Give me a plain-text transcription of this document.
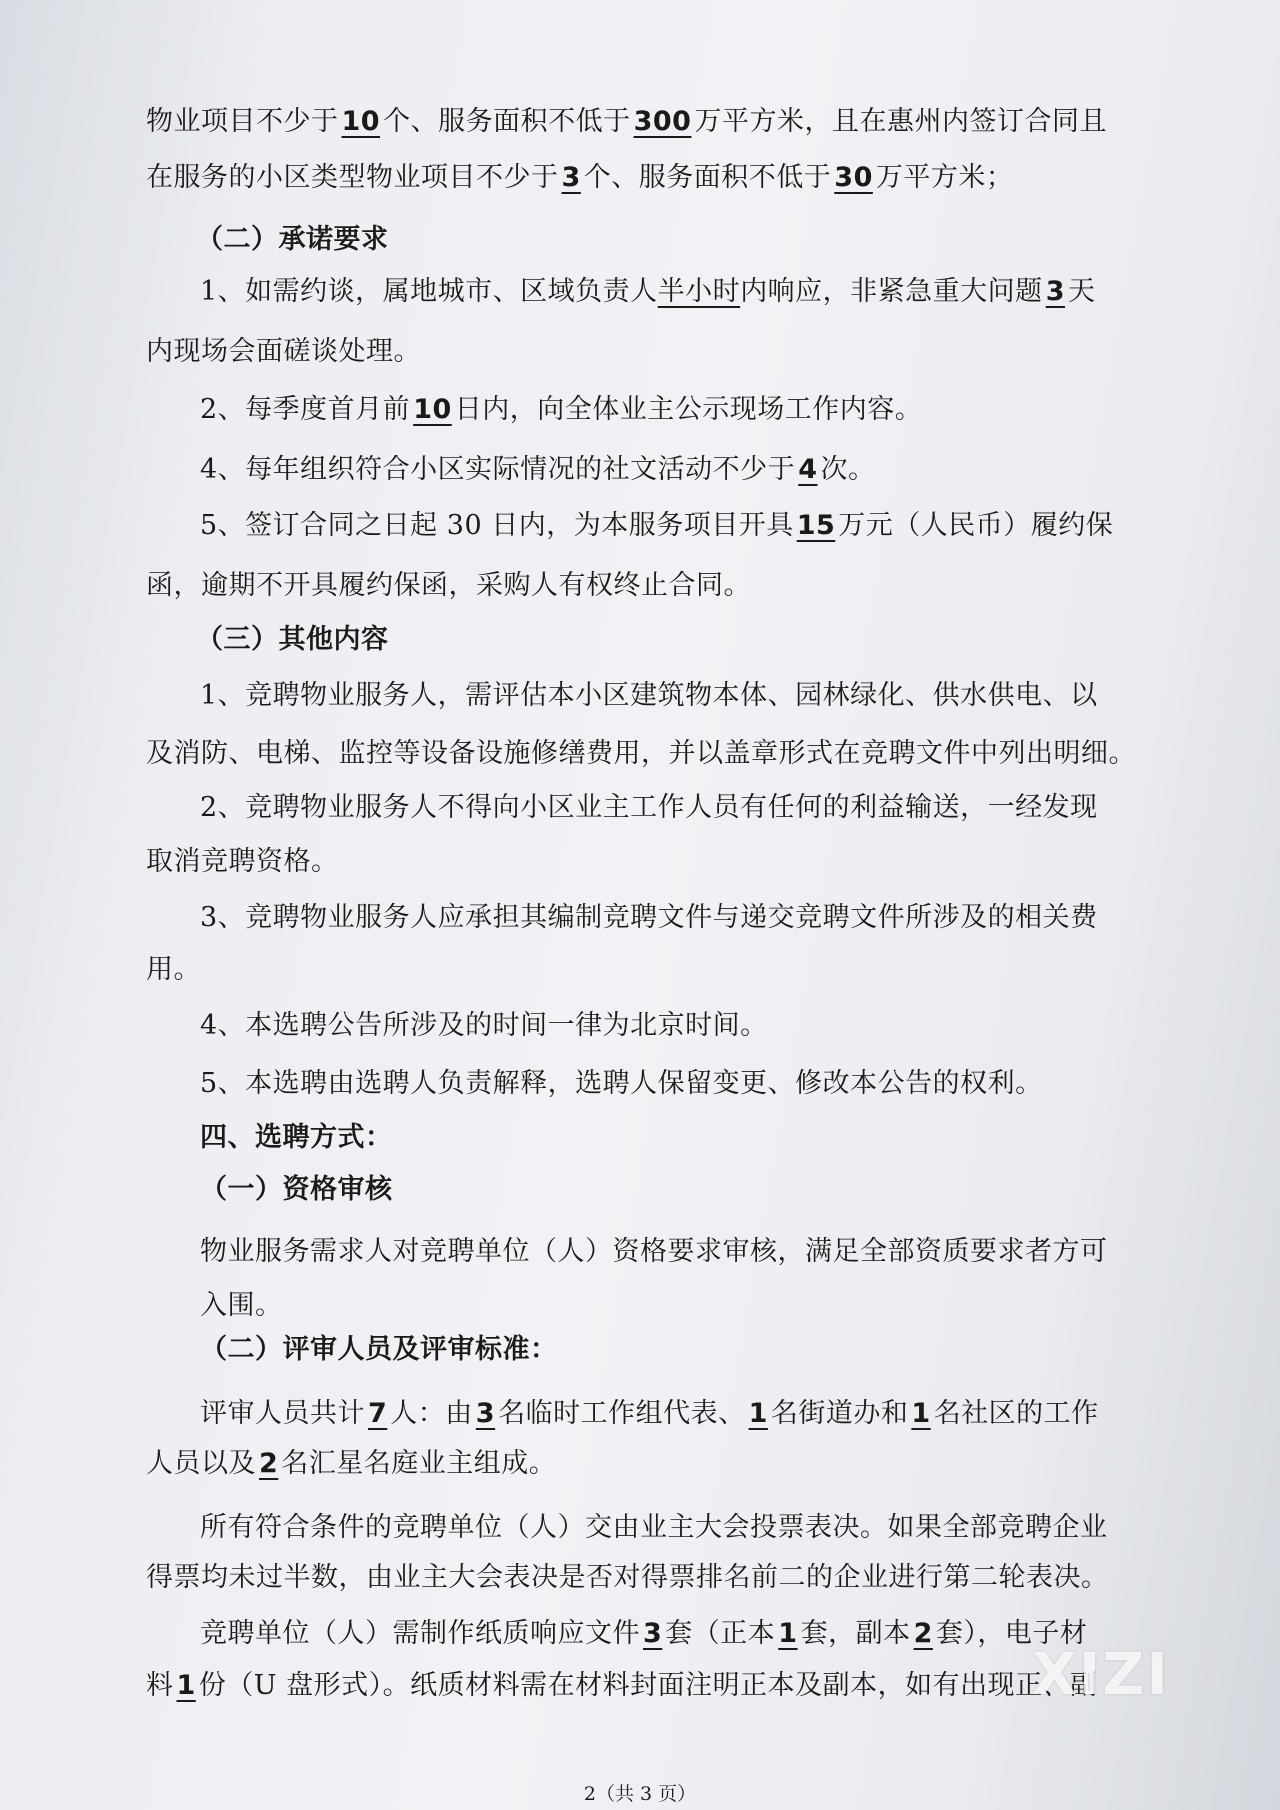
物业项目不少于 10 个、服务面积不低于 300 万平方米，且在惠州内签订合同且
在服务的小区类型物业项目不少于 3 个、服务面积不低于 30 万平方米；
（二）承诺要求
1、如需约谈，属地城市、区域负责人半小时内响应，非紧急重大问题 3 天
内现场会面磋谈处理。
2、每季度首月前 10 日内，向全体业主公示现场工作内容。
4、每年组织符合小区实际情况的社文活动不少于 4 次。
5、签订合同之日起 30 日内，为本服务项目开具 15 万元（人民币）履约保
函，逾期不开具履约保函，采购人有权终止合同。
（三）其他内容
1、竞聘物业服务人，需评估本小区建筑物本体、园林绿化、供水供电、以
及消防、电梯、监控等设备设施修缮费用，并以盖章形式在竞聘文件中列出明细。
2、竞聘物业服务人不得向小区业主工作人员有任何的利益输送，一经发现
取消竞聘资格。
3、竞聘物业服务人应承担其编制竞聘文件与递交竞聘文件所涉及的相关费
用。
4、本选聘公告所涉及的时间一律为北京时间。
5、本选聘由选聘人负责解释，选聘人保留变更、修改本公告的权利。
四、选聘方式：
（一）资格审核
物业服务需求人对竞聘单位（人）资格要求审核，满足全部资质要求者方可
入围。
（二）评审人员及评审标准：
评审人员共计 7 人：由 3 名临时工作组代表、 1 名街道办和 1 名社区的工作
人员以及 2 名汇星名庭业主组成。
所有符合条件的竞聘单位（人）交由业主大会投票表决。如果全部竞聘企业
得票均未过半数，由业主大会表决是否对得票排名前二的企业进行第二轮表决。
竞聘单位（人）需制作纸质响应文件 3 套（正本 1 套，副本 2 套），电子材
料 1 份（U 盘形式）。纸质材料需在材料封面注明正本及副本，如有出现正、副
2（共 3 页）
XIZI
